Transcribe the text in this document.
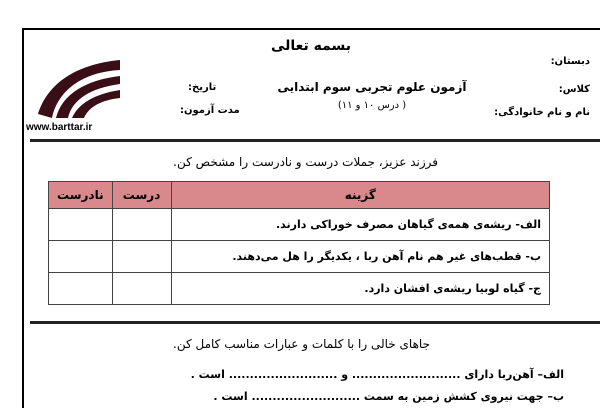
بسمه تعالی
دبستان:
کلاس:
نام و نام خانوادگی:
آزمون علوم تجربی سوم ابتدایی
( درس ۱۰ و ۱۱)
تاریخ:
مدت آزمون:
www.barttar.ir
فرزند عزیز، جملات درست و نادرست را مشخص کن.
گزینه	درست	نادرست
الف- ریشه‌ی همه‌ی گیاهان مصرف خوراکی دارند.		
ب- قطب‌های غیر هم نام آهن ربا ، یکدیگر را هل می‌دهند.		
ج- گیاه لوبیا ریشه‌ی افشان دارد.		
جاهای خالی را با کلمات و عبارات مناسب کامل کن.
الف– آهن‌ربا دارای .......................... و .......................... است .
ب– جهت نیروی کشش زمین به سمت .......................... است .
